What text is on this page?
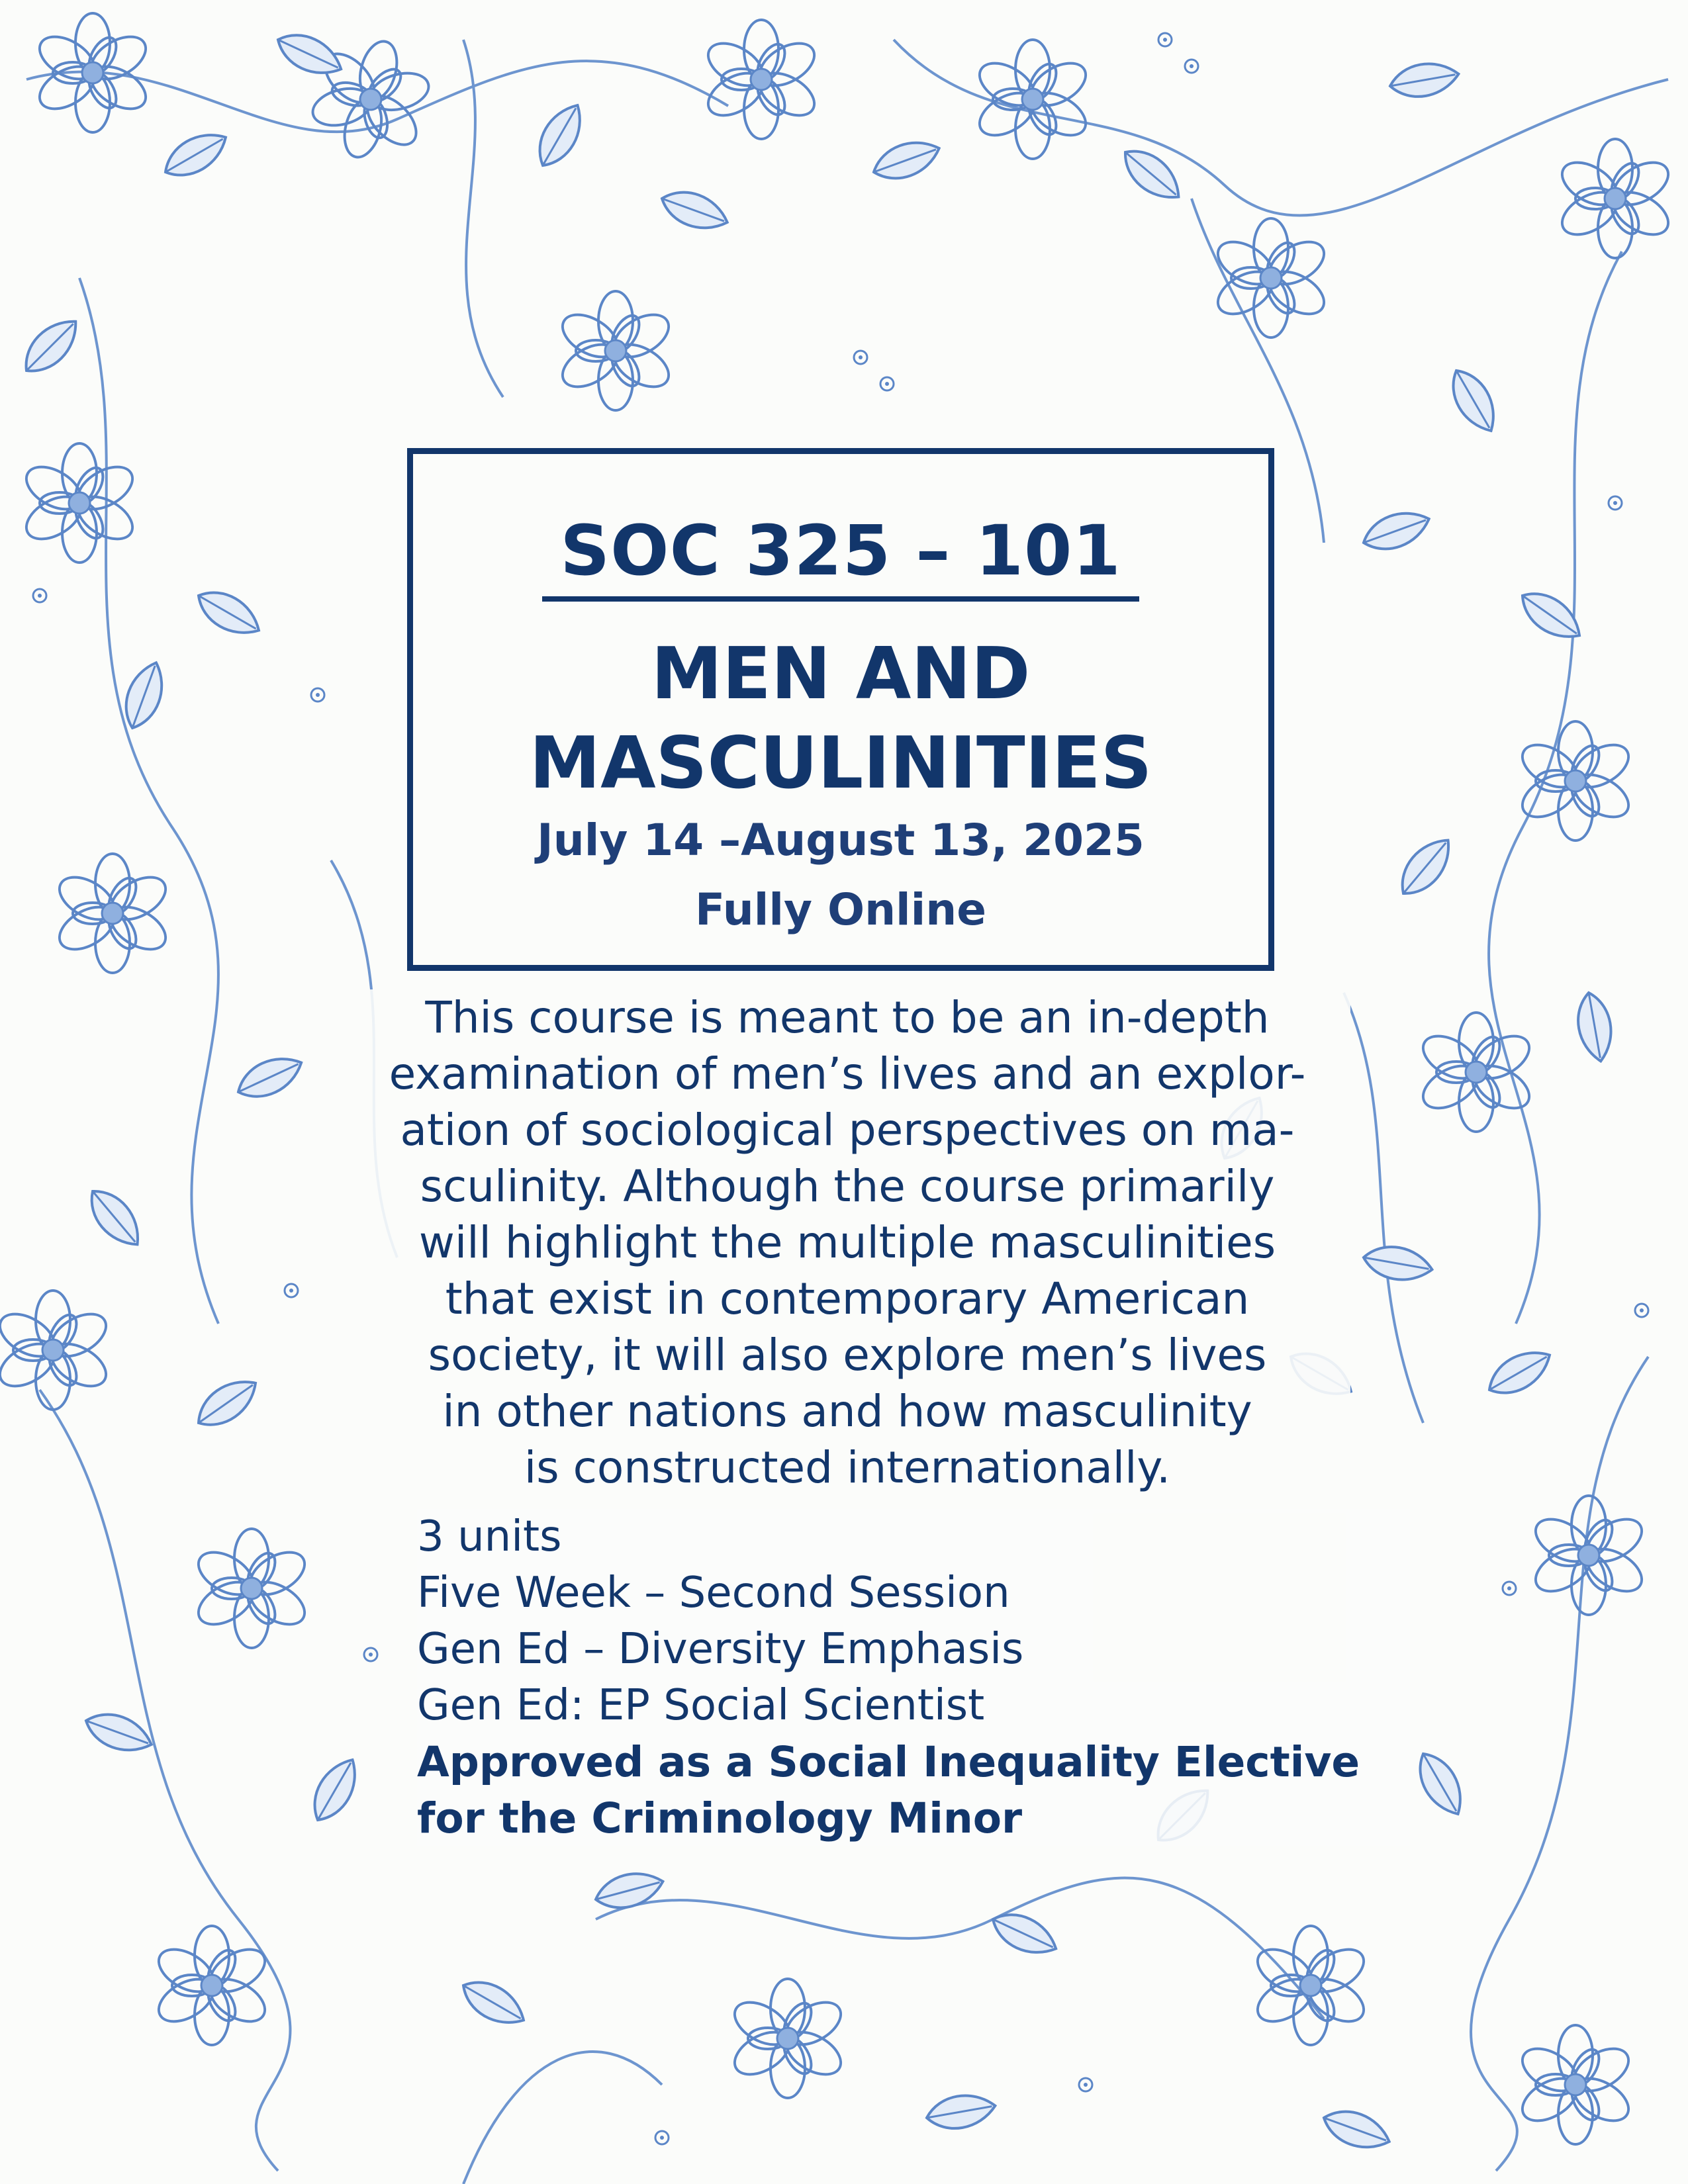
SOC 325 – 101
MEN AND
MASCULINITIES
July 14 –August 13, 2025
Fully Online
This course is meant to be an in-depth
examination of men’s lives and an explor-
ation of sociological perspectives on ma-
sculinity. Although the course primarily
will highlight the multiple masculinities
that exist in contemporary American
society, it will also explore men’s lives
in other nations and how masculinity
is constructed internationally.
3 units
Five Week – Second Session
Gen Ed – Diversity Emphasis
Gen Ed: EP Social Scientist
Approved as a Social Inequality Elective
for the Criminology Minor
